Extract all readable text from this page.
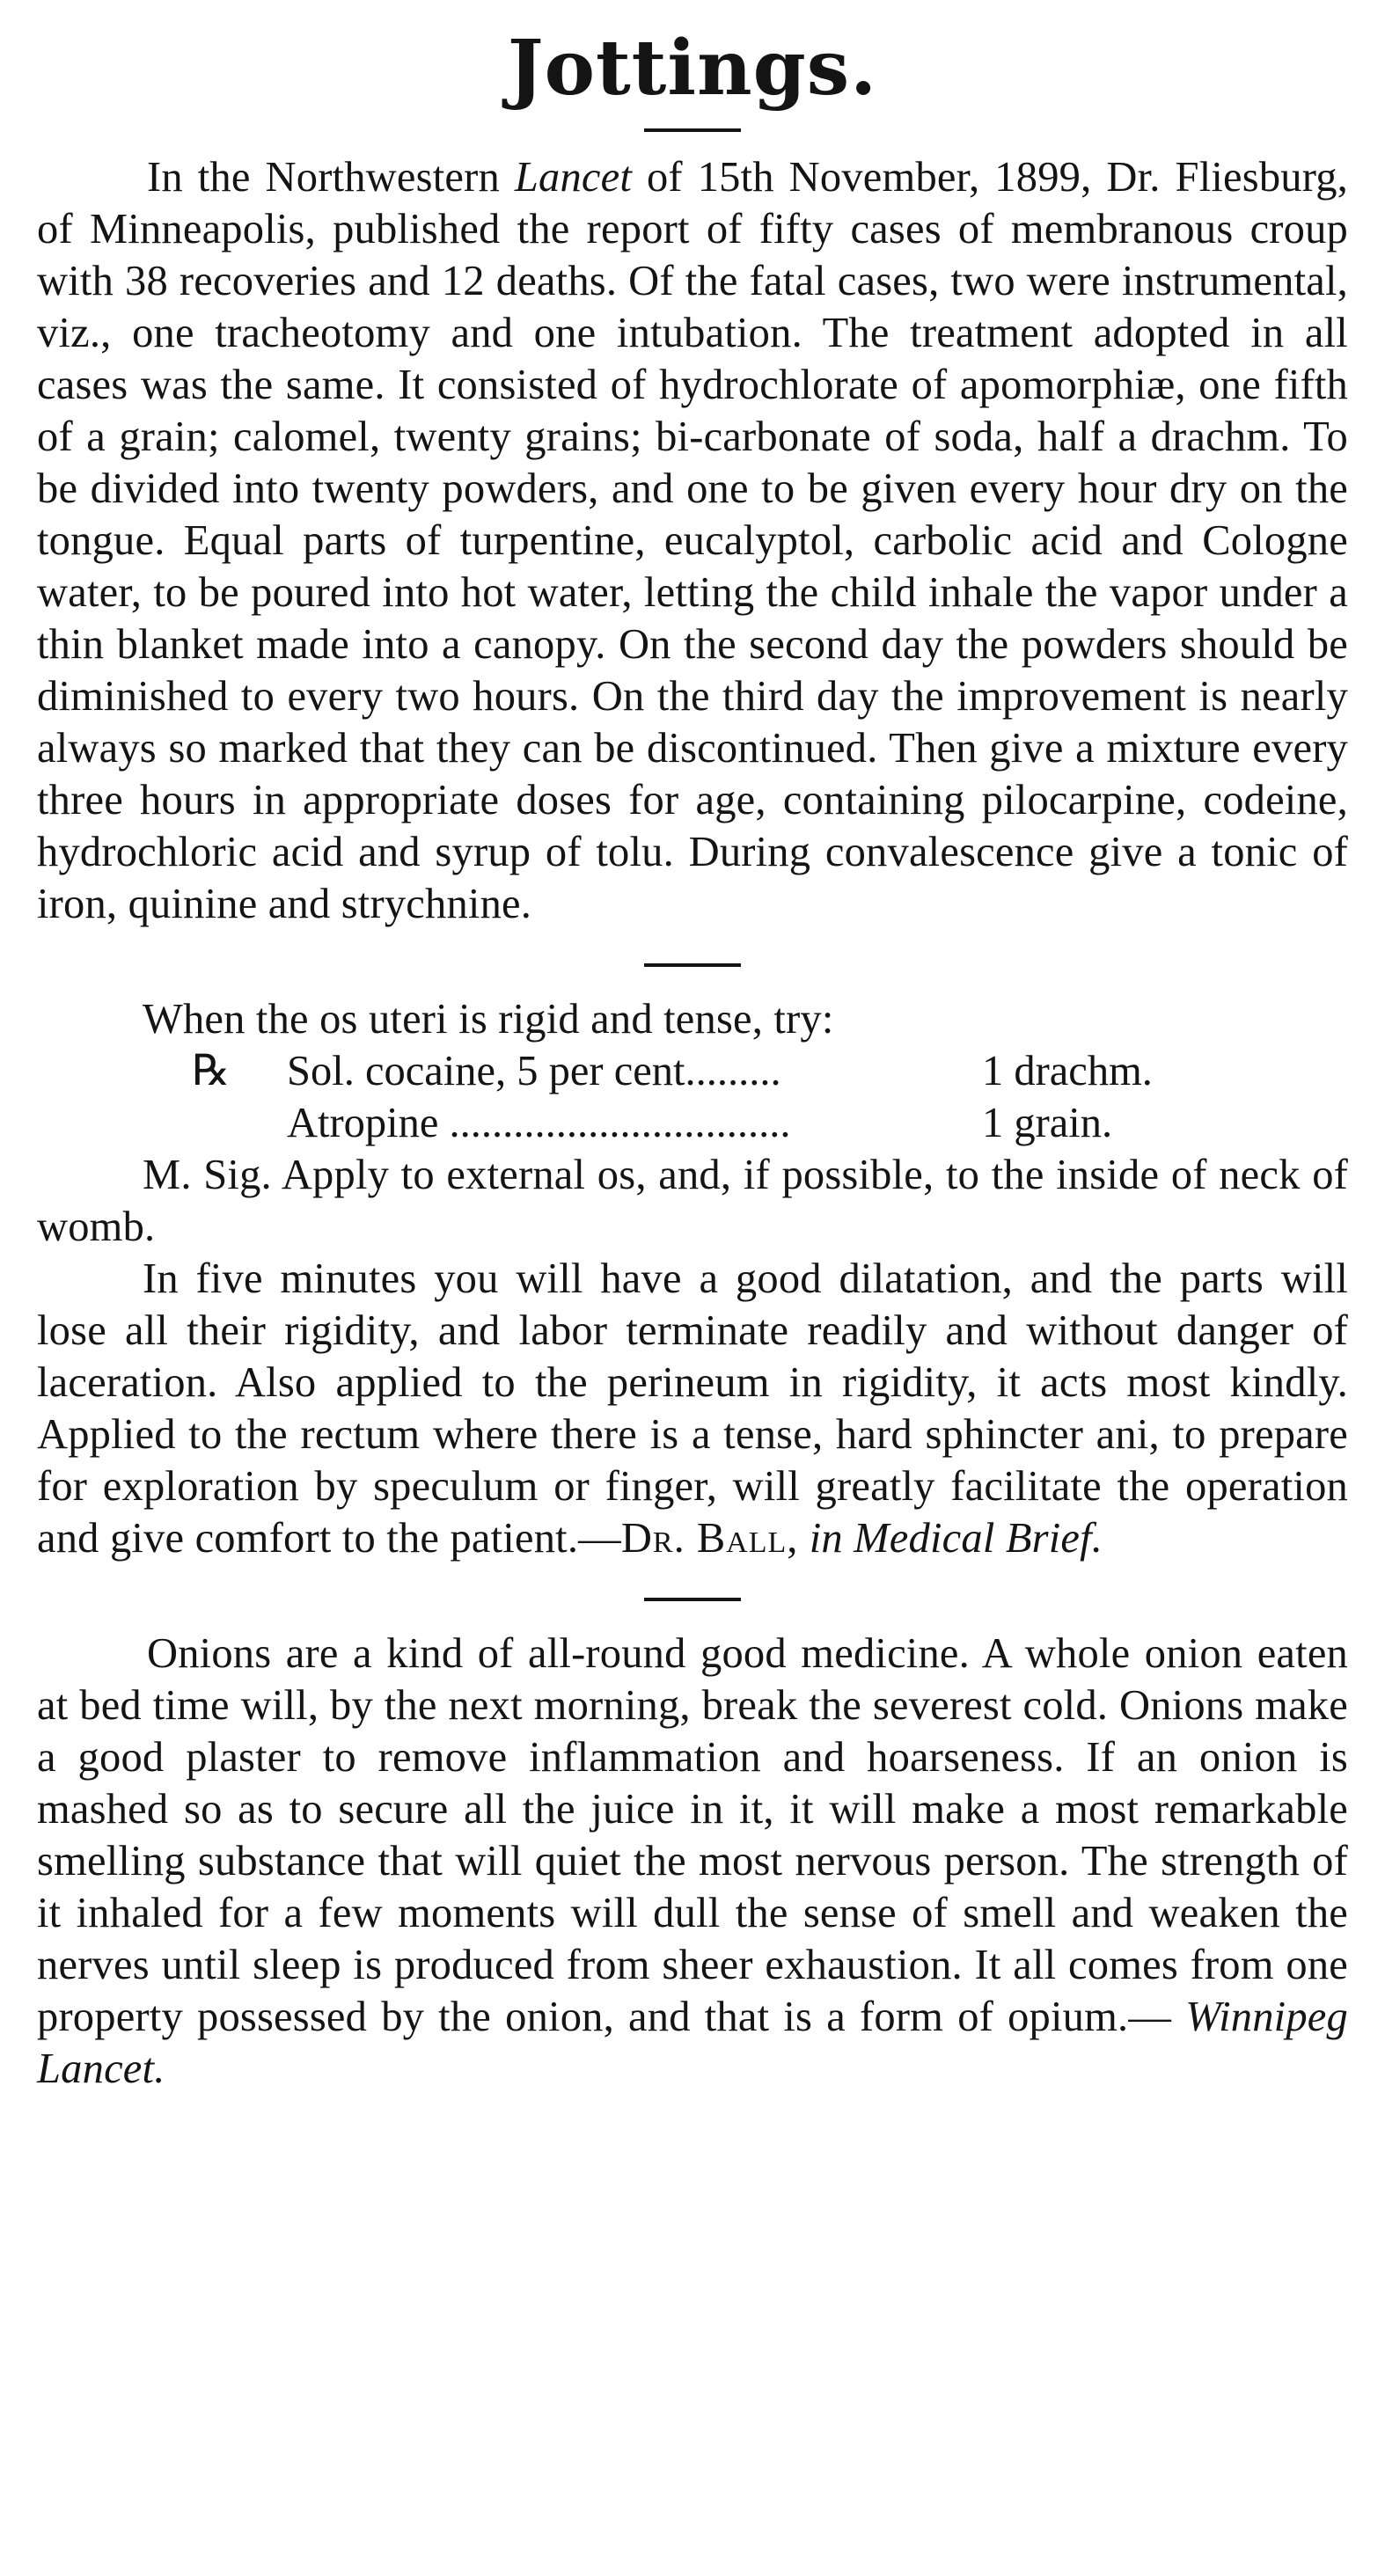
Jottings.

In the Northwestern Lancet of 15th November, 1899, Dr. Fliesburg, of Minneapolis, published the report of fifty cases of membranous croup with 38 recoveries and 12 deaths. Of the fatal cases, two were instrumental, viz., one tracheotomy and one intubation. The treatment adopted in all cases was the same. It consisted of hydrochlorate of apomorphiæ, one fifth of a grain; calomel, twenty grains; bi-carbonate of soda, half a drachm. To be divided into twenty powders, and one to be given every hour dry on the tongue. Equal parts of turpentine, eucalyptol, carbolic acid and Cologne water, to be poured into hot water, letting the child inhale the vapor under a thin blanket made into a canopy. On the second day the powders should be diminished to every two hours. On the third day the improvement is nearly always so marked that they can be discontinued. Then give a mixture every three hours in appropriate doses for age, containing pilocarpine, codeine, hydrochloric acid and syrup of tolu. During convalescence give a tonic of iron, quinine and strychnine.

When the os uteri is rigid and tense, try:

℞	Sol. cocaine, 5 per cent.........	1 drachm.
Atropine ................................	1 grain.

M. Sig. Apply to external os, and, if possible, to the inside of neck of womb.

In five minutes you will have a good dilatation, and the parts will lose all their rigidity, and labor terminate readily and without danger of laceration. Also applied to the perineum in rigidity, it acts most kindly. Applied to the rectum where there is a tense, hard sphincter ani, to prepare for exploration by speculum or finger, will greatly facilitate the operation and give comfort to the patient.—Dr. Ball, in Medical Brief.

Onions are a kind of all-round good medicine. A whole onion eaten at bed time will, by the next morning, break the severest cold. Onions make a good plaster to remove inflammation and hoarseness. If an onion is mashed so as to secure all the juice in it, it will make a most remarkable smelling substance that will quiet the most nervous person. The strength of it inhaled for a few moments will dull the sense of smell and weaken the nerves until sleep is produced from sheer exhaustion. It all comes from one property possessed by the onion, and that is a form of opium.— Winnipeg Lancet.
